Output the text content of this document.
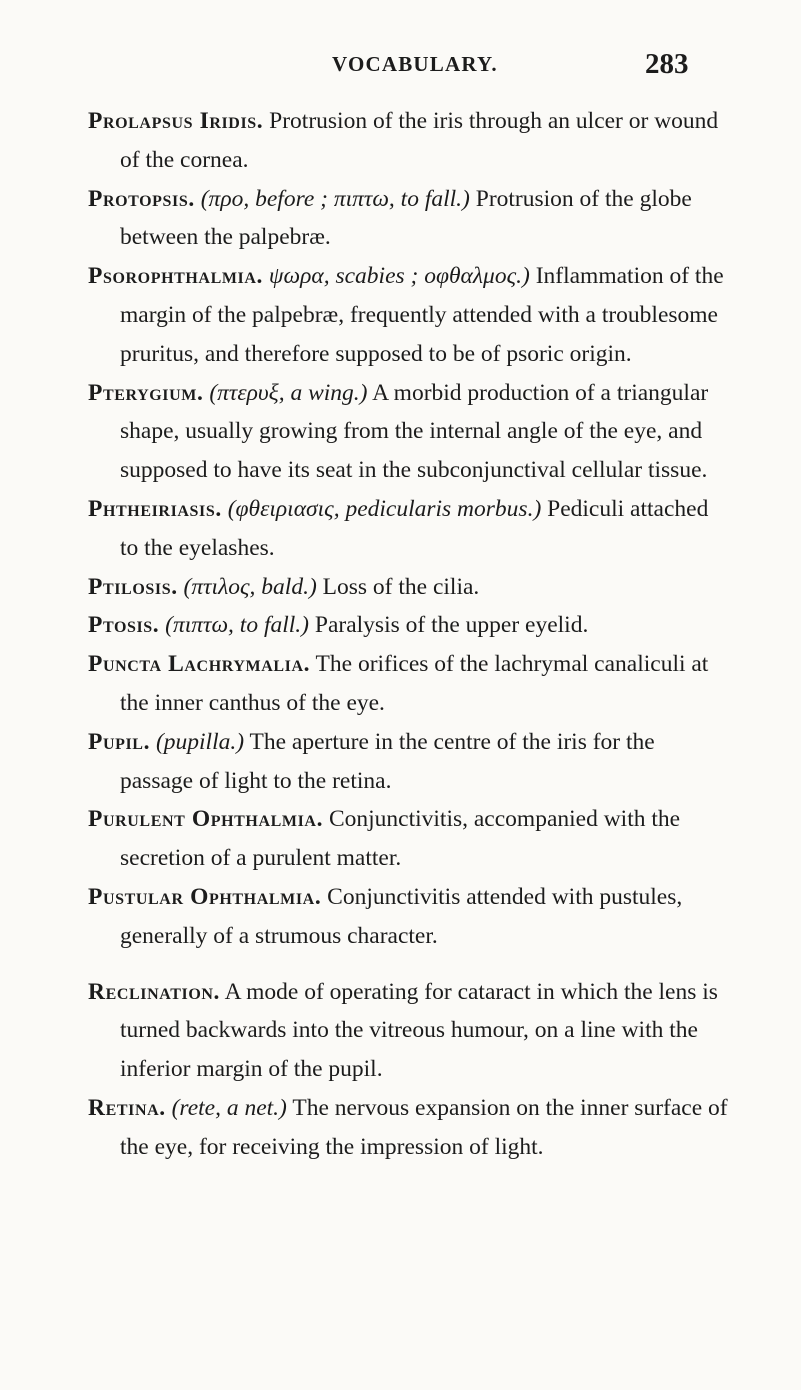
VOCABULARY.	283

Prolapsus Iridis. Protrusion of the iris through an ulcer or wound of the cornea.

Protopsis. (προ, before ; πιπτω, to fall.) Protrusion of the globe between the palpebræ.

Psorophthalmia. ψωρα, scabies ; οφθαλμος.) Inflammation of the margin of the palpebræ, frequently attended with a troublesome pruritus, and therefore supposed to be of psoric origin.

Pterygium. (πτερυξ, a wing.) A morbid production of a triangular shape, usually growing from the internal angle of the eye, and supposed to have its seat in the subconjunctival cellular tissue.

Phtheiriasis. (φθειριασις, pedicularis morbus.) Pediculi attached to the eyelashes.

Ptilosis. (πτιλος, bald.) Loss of the cilia.

Ptosis. (πιπτω, to fall.) Paralysis of the upper eyelid.

Puncta Lachrymalia. The orifices of the lachrymal canaliculi at the inner canthus of the eye.

Pupil. (pupilla.) The aperture in the centre of the iris for the passage of light to the retina.

Purulent Ophthalmia. Conjunctivitis, accompanied with the secretion of a purulent matter.

Pustular Ophthalmia. Conjunctivitis attended with pustules, generally of a strumous character.

Reclination. A mode of operating for cataract in which the lens is turned backwards into the vitreous humour, on a line with the inferior margin of the pupil.

Retina. (rete, a net.) The nervous expansion on the inner surface of the eye, for receiving the impression of light.
